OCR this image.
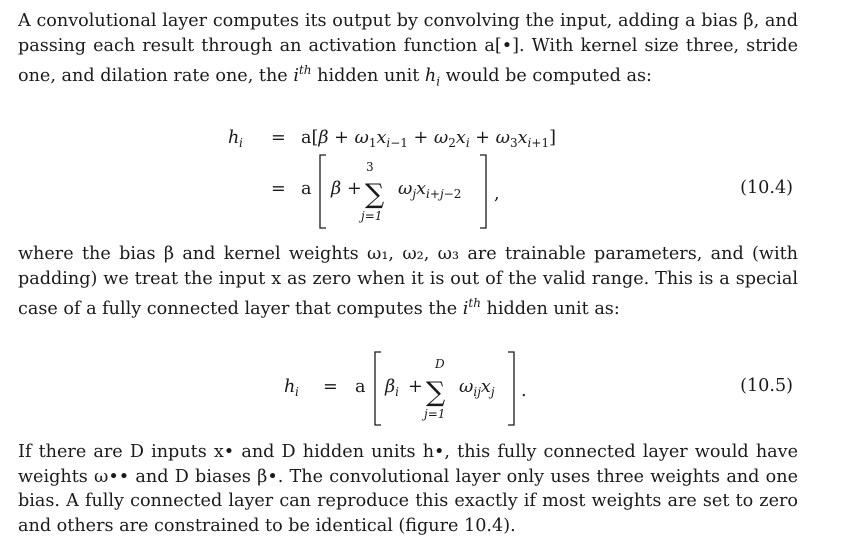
A convolutional layer computes its output by convolving the input, adding a bias β, and
passing each result through an activation function a[•]. With kernel size three, stride
one, and dilation rate one, the $i^{th}$ hidden unit $h_i$ would be computed as:
h $i = a[\beta + \omega_1x_i-1 + \omega_2x_i + \omega_3x_i+1]$
= a β +
3
∑
j=1
$\omega_jx_i+j-2$ ,	(10.4)
where the bias β and kernel weights ω₁, ω₂, ω₃ are trainable parameters, and (with
padding) we treat the input x as zero when it is out of the valid range. This is a special
case of a fully connected layer that computes the $i^{th}$ hidden unit as:
h i = a $\beta_i$ +
D
∑
j=1
$\omega_{ij}x_j$ .	(10.5)
If there are D inputs x• and D hidden units h•, this fully connected layer would have
weights ω•• and D biases β•. The convolutional layer only uses three weights and one
bias. A fully connected layer can reproduce this exactly if most weights are set to zero
and others are constrained to be identical (figure 10.4).
